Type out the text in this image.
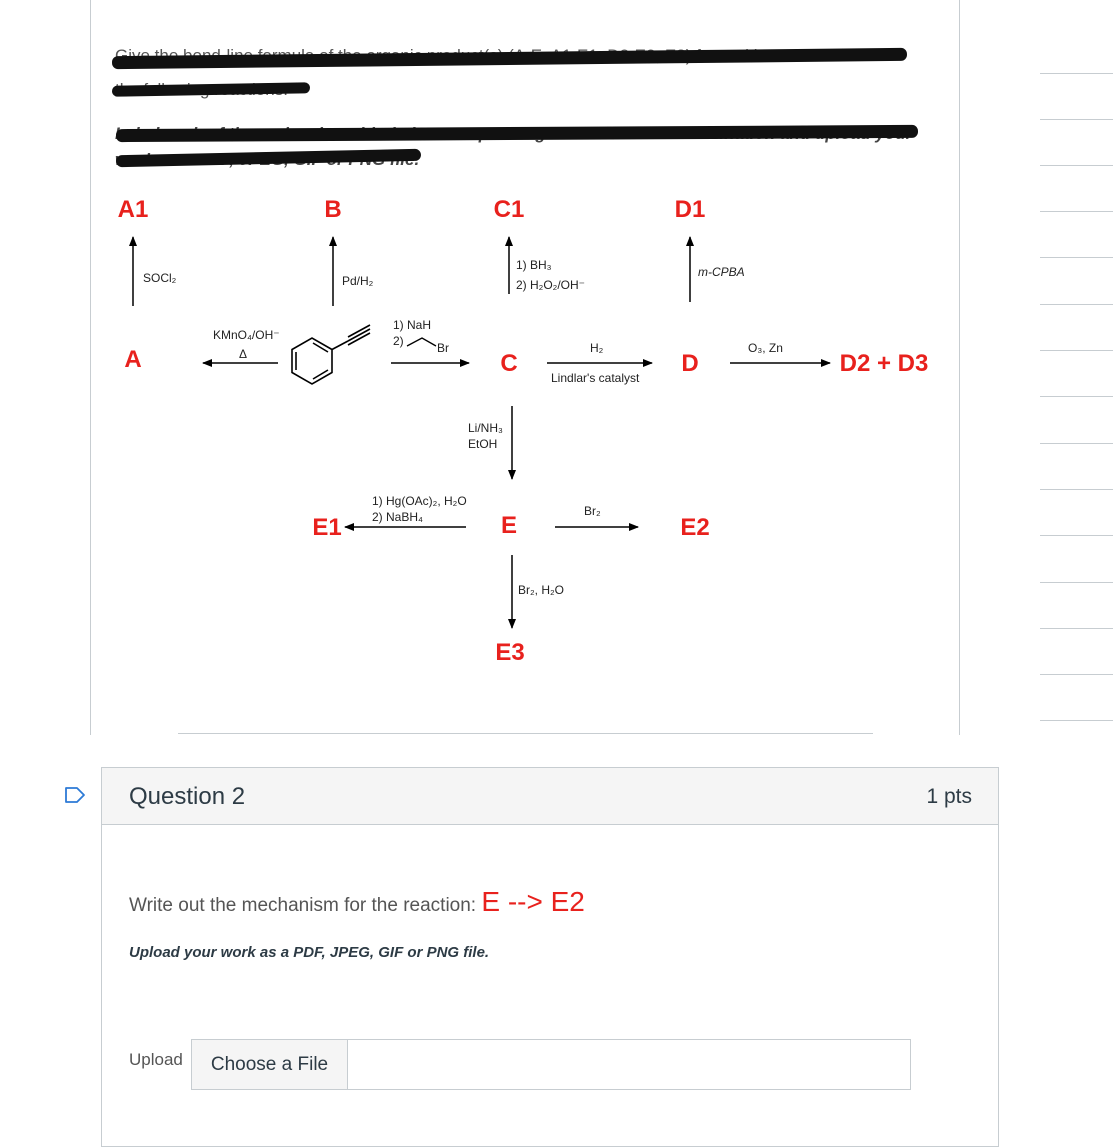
A1	B	C1	D1
A	C	D	D2 + D3
E1	E	E2
E3
SOCl₂	Pd/H₂
1) BH₃
2) H₂O₂/OH⁻
m-CPBA
KMnO₄/OH⁻
Δ
1) NaH
2)	Br	H₂
Lindlar's catalyst
O₃, Zn
Li/NH₃
EtOH
1) Hg(OAc)₂, H₂O
2) NaBH₄	Br₂
Br₂, H₂O
Question 2	1 pts
Write out the mechanism for the reaction: E --> E2
Upload your work as a PDF, JPEG, GIF or PNG file.
Upload	Choose a File
